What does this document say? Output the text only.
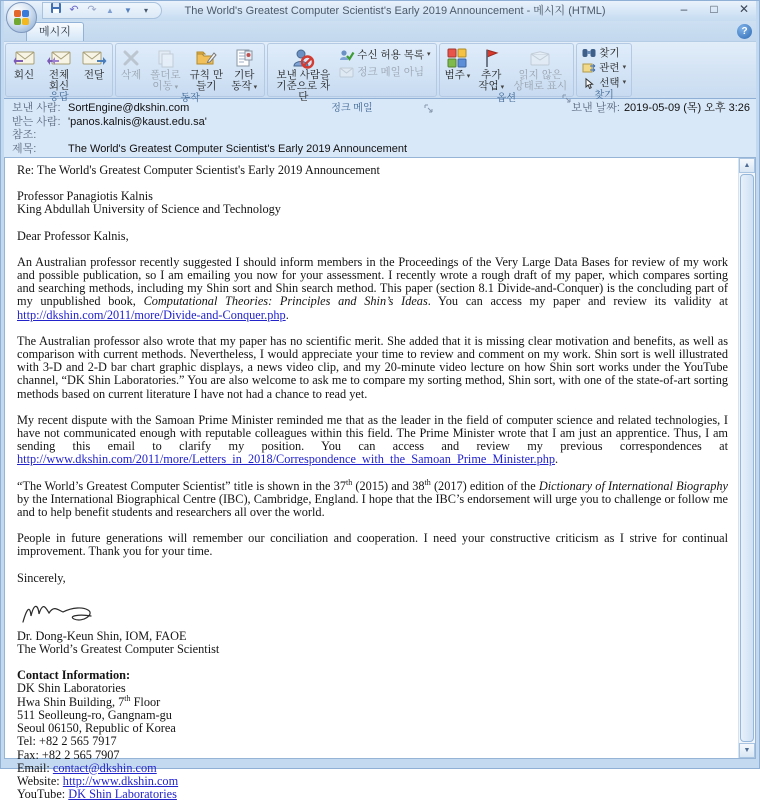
↶ ↷	▲	▼	▾	The World's Greatest Computer Scientist's Early 2019 Announcement - 메시지 (HTML)	–	□	✕
메시지	?
회신	전체 회신
전달
응답
삭제 폴더로 이동 ▾
규칙 만들기
기타 동작 ▾
동작
보낸 사람을 기준으로 차단
수신 허용 목록
▾
정크 메일 아님
정크 메일
범주 ▾	추가 작업 ▾
읽지 않은 상태로 표시
옵션
찾기
관련
▾
선택
▾
찾기
보낸 사람: SortEngine@dkshin.com	보낸 날짜: 2019-05-09 (목) 오후 3:26
받는 사람: 'panos.kalnis@kaust.edu.sa'
참조:
제목:	The World's Greatest Computer Scientist's Early 2019 Announcement
Re: The World's Greatest Computer Scientist's Early 2019 Announcement
Professor Panagiotis Kalnis
King Abdullah University of Science and Technology
Dear Professor Kalnis,
An Australian professor recently suggested I should inform members in the Proceedings of the Very Large Data Bases for review of my work and possible publication, so I am emailing you now for your assessment. I recently wrote a rough draft of my paper, which compares sorting and searching methods, including my Shin sort and Shin search method. This paper (section 8.1 Divide-and-Conquer) is the concluding part of my unpublished book, Computational Theories: Principles and Shin’s Ideas. You can access my paper and review its validity at http://dkshin.com/2011/more/Divide-and-Conquer.php.
The Australian professor also wrote that my paper has no scientific merit. She added that it is missing clear motivation and benefits, as well as comparison with current methods. Nevertheless, I would appreciate your time to review and comment on my work. Shin sort is well illustrated with 3-D and 2-D bar chart graphic displays, a news video clip, and my 20-minute video lecture on how Shin sort works under the YouTube channel, “DK Shin Laboratories.” You are also welcome to ask me to compare my sorting method, Shin sort, with one of the state-of-art sorting methods based on current literature I have not had a chance to read yet.
My recent dispute with the Samoan Prime Minister reminded me that as the leader in the field of computer science and related technologies, I have not communicated enough with reputable colleagues within this field. The Prime Minister wrote that I am just an apprentice. Thus, I am sending this email to clarify my position. You can access and review my previous correspondences at http://www.dkshin.com/2011/more/Letters_in_2018/Correspondence_with_the_Samoan_Prime_Minister.php.
“The World’s Greatest Computer Scientist” title is shown in the 37th (2015) and 38th (2017) edition of the Dictionary of International Biography by the International Biographical Centre (IBC), Cambridge, England. I hope that the IBC’s endorsement will urge you to challenge or follow me and to help benefit students and researchers all over the world.
People in future generations will remember our conciliation and cooperation. I need your constructive criticism as I strive for continual improvement. Thank you for your time.
Sincerely,
Dr. Dong-Keun Shin, IOM, FAOE
The World’s Greatest Computer Scientist
Contact Information:
DK Shin Laboratories
Hwa Shin Building, 7th Floor
511 Seolleung-ro, Gangnam-gu
Seoul 06150, Republic of Korea
Tel: +82 2 565 7917
Fax: +82 2 565 7907
Email: contact@dkshin.com
Website: http://www.dkshin.com
YouTube: DK Shin Laboratories
▲
▼
